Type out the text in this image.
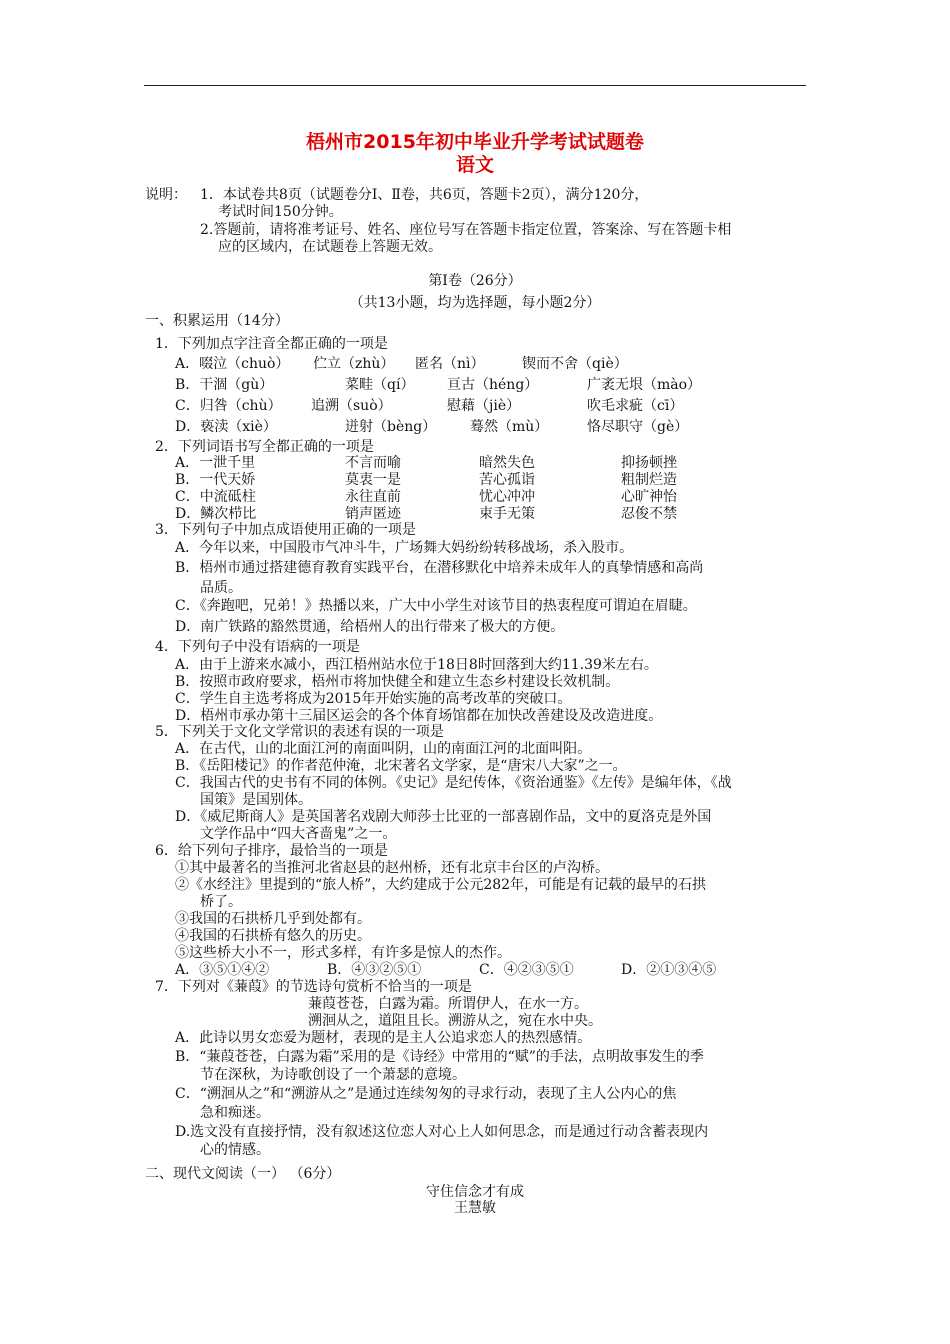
梧州市2015年初中毕业升学考试试题卷
语文
说明： 1．本试卷共8页（试题卷分Ⅰ、Ⅱ卷，共6页，答题卡2页），满分120分，
考试时间150分钟。
2.答题前，请将准考证号、姓名、座位号写在答题卡指定位置，答案涂、写在答题卡相
应的区域内，在试题卷上答题无效。
第Ⅰ卷（26分）
（共13小题，均为选择题，每小题2分）
一、积累运用（14分）
1．下列加点字注音全都正确的一项是
A．啜泣（chuò） 伫立（zhù） 匿名（nì）	锲而不舍（qiè）
B．干涸（gù）	菜畦（qí） 亘古（héng）	广袤无垠（mào）
C．归咎（chù） 追溯（suò）	慰藉（jiè）	吹毛求疵（cī）
D．亵渎（xiè）	迸射（bèng） 蓦然（mù）	恪尽职守（gè）
2．下列词语书写全都正确的一项是
A．一泄千里	不言而喻	暗然失色	抑扬顿挫
B．一代天娇	莫衷一是	苦心孤诣	粗制烂造
C．中流砥柱	永往直前	忧心冲冲	心旷神怡
D．鳞次栉比	销声匿迹	束手无策	忍俊不禁
3．下列句子中加点成语使用正确的一项是
A．今年以来，中国股市气冲斗牛，广场舞大妈纷纷转移战场，杀入股市。
B．梧州市通过搭建德育教育实践平台，在潜移默化中培养未成年人的真挚情感和高尚
品质。
C．《奔跑吧，兄弟！》热播以来，广大中小学生对该节目的热衷程度可谓迫在眉睫。
D．南广铁路的豁然贯通，给梧州人的出行带来了极大的方便。
4．下列句子中没有语病的一项是
A．由于上游来水减小，西江梧州站水位于18日8时回落到大约11.39米左右。
B．按照市政府要求，梧州市将加快健全和建立生态乡村建设长效机制。
C．学生自主选考将成为2015年开始实施的高考改革的突破口。
D．梧州市承办第十三届区运会的各个体育场馆都在加快改善建设及改造进度。
5．下列关于文化文学常识的表述有误的一项是
A．在古代，山的北面江河的南面叫阴，山的南面江河的北面叫阳。
B．《岳阳楼记》的作者范仲淹，北宋著名文学家，是“唐宋八大家”之一。
C．我国古代的史书有不同的体例。《史记》是纪传体，《资治通鉴》《左传》是编年体，《战
国策》是国别体。
D．《威尼斯商人》是英国著名戏剧大师莎士比亚的一部喜剧作品，文中的夏洛克是外国
文学作品中“四大吝啬鬼”之一。
6．给下列句子排序，最恰当的一项是
①其中最著名的当推河北省赵县的赵州桥，还有北京丰台区的卢沟桥。
②《水经注》里提到的“旅人桥”，大约建成于公元282年，可能是有记载的最早的石拱
桥了。
③我国的石拱桥几乎到处都有。
④我国的石拱桥有悠久的历史。
⑤这些桥大小不一，形式多样，有许多是惊人的杰作。
A．③⑤①④②	B．④③②⑤①	C．④②③⑤①	D．②①③④⑤
7．下列对《蒹葭》的节选诗句赏析不恰当的一项是
蒹葭苍苍，白露为霜。所谓伊人，在水一方。
溯洄从之，道阻且长。溯游从之，宛在水中央。
A．此诗以男女恋爱为题材，表现的是主人公追求恋人的热烈感情。
B．“蒹葭苍苍，白露为霜”采用的是《诗经》中常用的“赋”的手法，点明故事发生的季
节在深秋，为诗歌创设了一个萧瑟的意境。
C．“溯洄从之”和“溯游从之”是通过连续匆匆的寻求行动，表现了主人公内心的焦
急和痴迷。
D.选文没有直接抒情，没有叙述这位恋人对心上人如何思念，而是通过行动含蓄表现内
心的情感。
二、现代文阅读（一） （6分）
守住信念才有成
王慧敏
